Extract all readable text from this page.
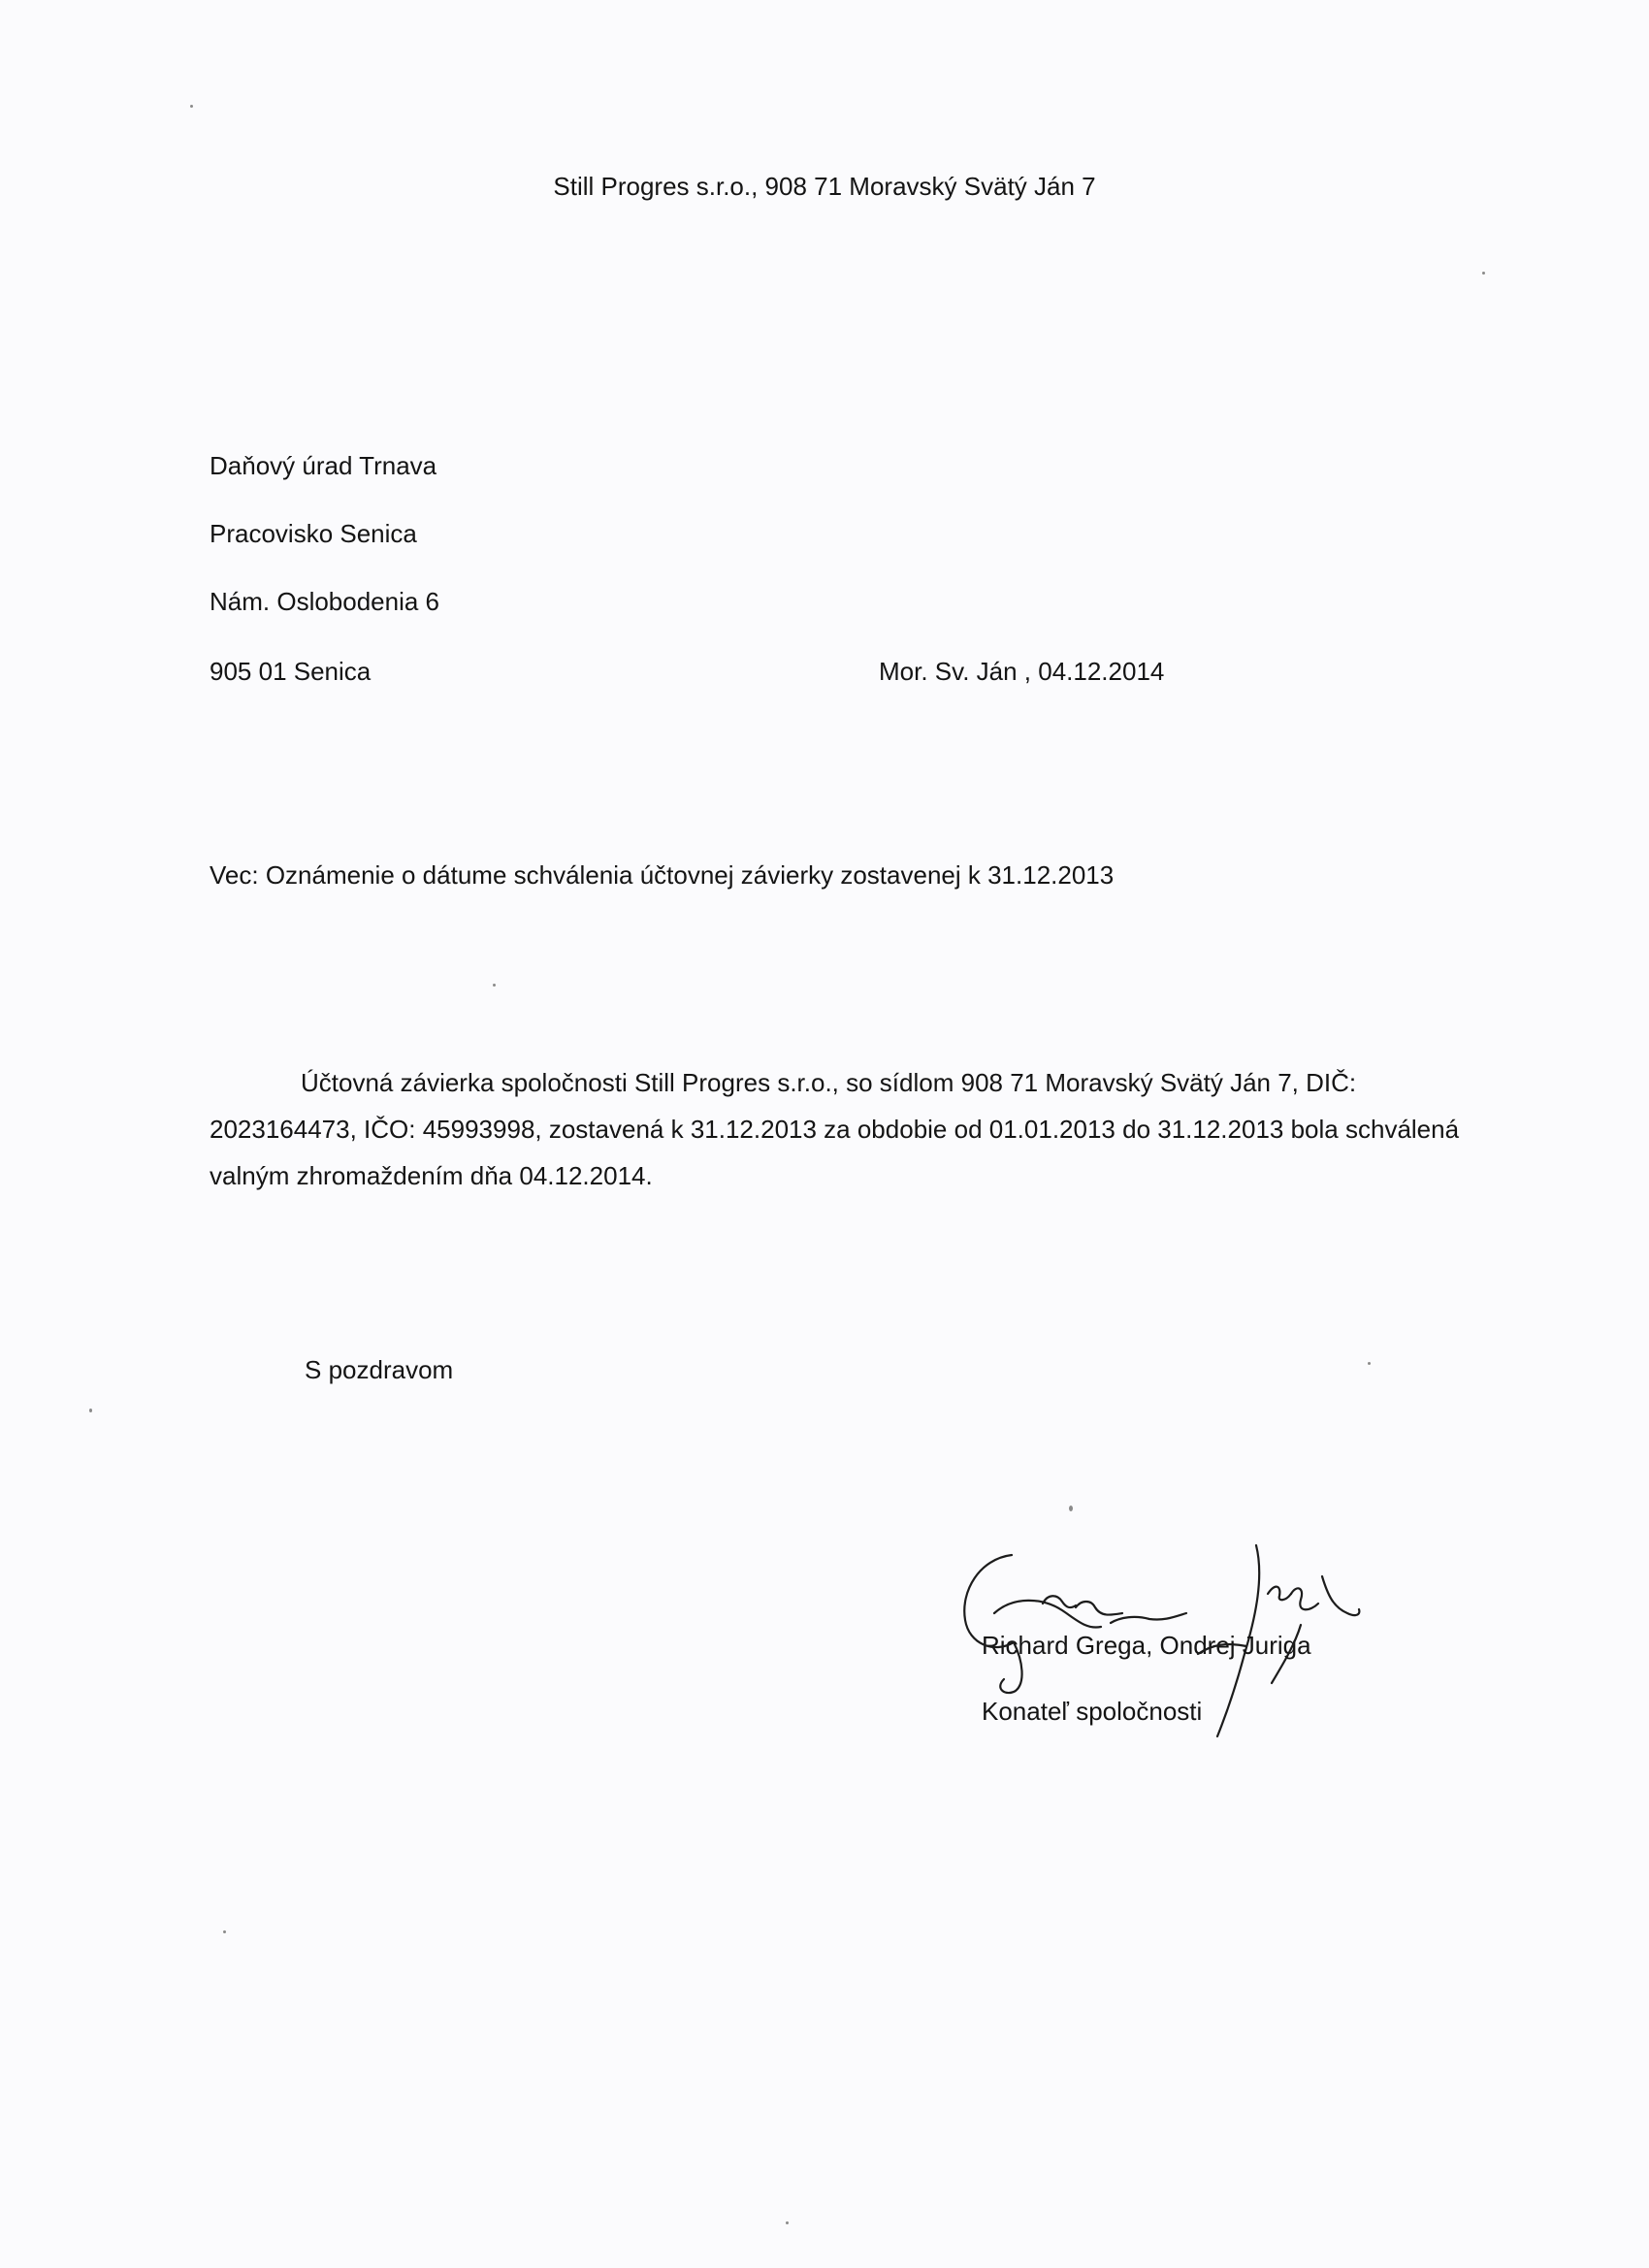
Still Progres s.r.o., 908 71 Moravský Svätý Ján 7
Daňový úrad Trnava
Pracovisko Senica
Nám. Oslobodenia 6
905 01 Senica	Mor. Sv. Ján , 04.12.2014
Vec: Oznámenie o dátume schválenia účtovnej závierky zostavenej k 31.12.2013
Účtovná závierka spoločnosti Still Progres s.r.o., so sídlom 908 71 Moravský Svätý Ján 7, DIČ: 2023164473, IČO: 45993998, zostavená k 31.12.2013 za obdobie od 01.01.2013 do 31.12.2013 bola schválená valným zhromaždením dňa 04.12.2014.
S pozdravom
Richard Grega, Ondrej Juriga
Konateľ spoločnosti
